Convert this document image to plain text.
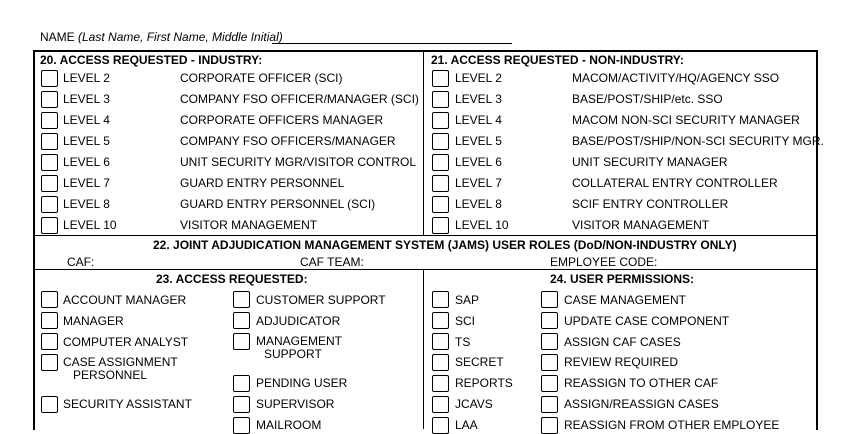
NAME (Last Name, First Name, Middle Initial)
20. ACCESS REQUESTED - INDUSTRY:
LEVEL 2
LEVEL 3
LEVEL 4
LEVEL 5
LEVEL 6
LEVEL 7
LEVEL 8
LEVEL 10
CORPORATE OFFICER (SCI)
COMPANY FSO OFFICER/MANAGER (SCI)
CORPORATE OFFICERS MANAGER
COMPANY FSO OFFICERS/MANAGER
UNIT SECURITY MGR/VISITOR CONTROL
GUARD ENTRY PERSONNEL
GUARD ENTRY PERSONNEL (SCI)
VISITOR MANAGEMENT
21. ACCESS REQUESTED - NON-INDUSTRY:
LEVEL 2
LEVEL 3
LEVEL 4
LEVEL 5
LEVEL 6
LEVEL 7
LEVEL 8
LEVEL 10
MACOM/ACTIVITY/HQ/AGENCY SSO
BASE/POST/SHIP/etc. SSO
MACOM NON-SCI SECURITY MANAGER
BASE/POST/SHIP/NON-SCI SECURITY MGR.
UNIT SECURITY MANAGER
COLLATERAL ENTRY CONTROLLER
SCIF ENTRY CONTROLLER
VISITOR MANAGEMENT
22. JOINT ADJUDICATION MANAGEMENT SYSTEM (JAMS) USER ROLES (DoD/NON-INDUSTRY ONLY)
CAF:	CAF TEAM:	EMPLOYEE CODE:
23. ACCESS REQUESTED:
ACCOUNT MANAGER
MANAGER
COMPUTER ANALYST
CASE ASSIGNMENT
PERSONNEL
SECURITY ASSISTANT
CUSTOMER SUPPORT
ADJUDICATOR
MANAGEMENT
SUPPORT
PENDING USER
SUPERVISOR
MAILROOM
24. USER PERMISSIONS:
SAP
SCI
TS
SECRET
REPORTS
JCAVS
LAA
CASE MANAGEMENT
UPDATE CASE COMPONENT
ASSIGN CAF CASES
REVIEW REQUIRED
REASSIGN TO OTHER CAF
ASSIGN/REASSIGN CASES
REASSIGN FROM OTHER EMPLOYEE
